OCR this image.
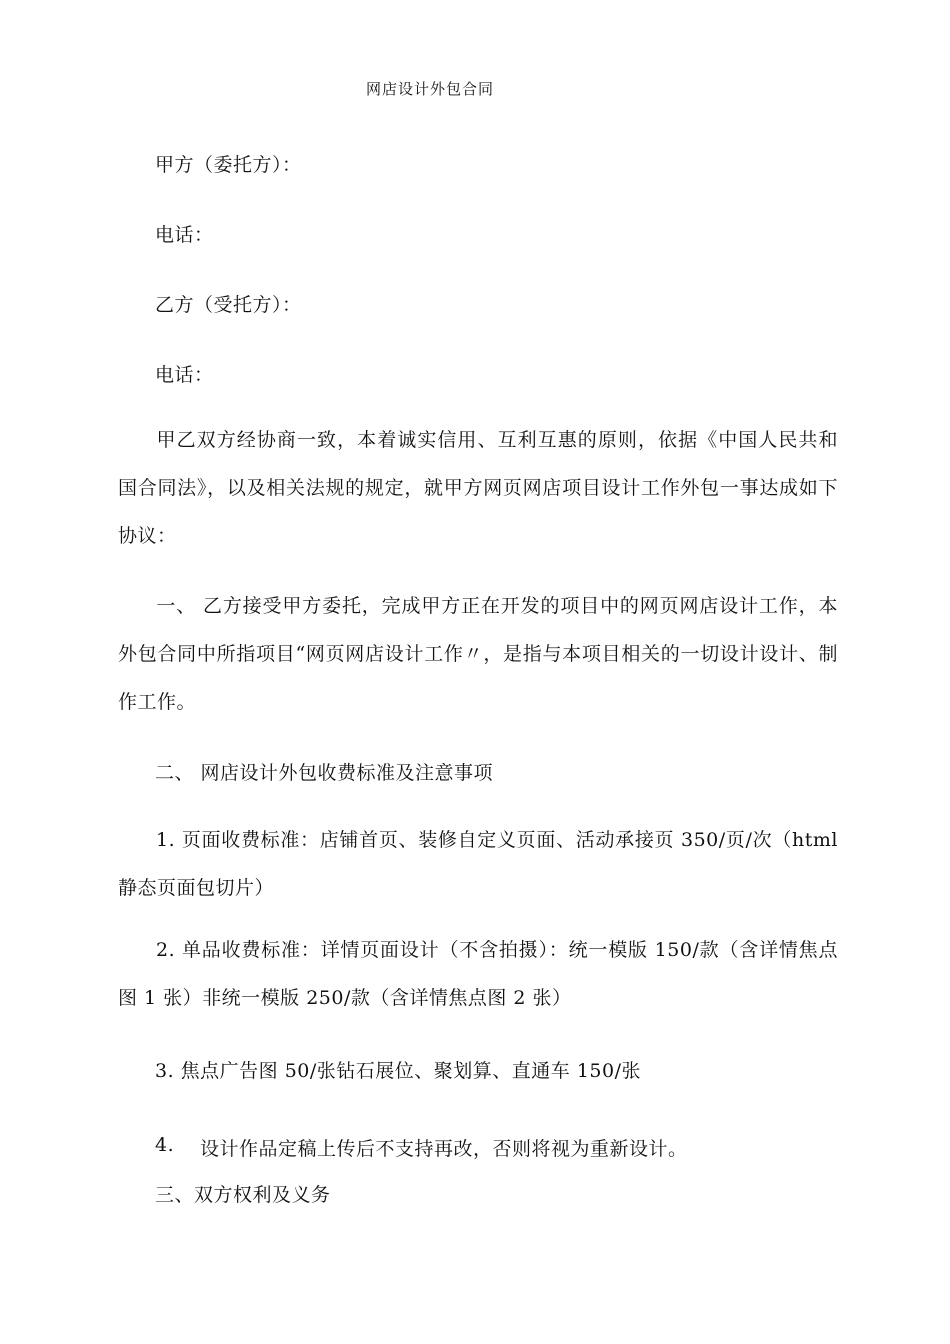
网店设计外包合同
甲方（委托方）：
电话：
乙方（受托方）：
电话：
甲乙双方经协商一致，本着诚实信用、互利互惠的原则，依据《中国人民共和国合同法》，以及相关法规的规定，就甲方网页网店项目设计工作外包一事达成如下协议：
一、 乙方接受甲方委托，完成甲方正在开发的项目中的网页网店设计工作，本外包合同中所指项目“网页网店设计工作〃，是指与本项目相关的一切设计设计、制作工作。
二、 网店设计外包收费标准及注意事项
1. 页面收费标准：店铺首页、装修自定义页面、活动承接页 350/页/次（html 静态页面包切片）
2. 单品收费标准：详情页面设计（不含拍摄）：统一模版 150/款（含详情焦点 图 1 张）非统一模版 250/款（含详情焦点图 2 张）
3. 焦点广告图 50/张钻石展位、聚划算、直通车 150/张
4. 设计作品定稿上传后不支持再改，否则将视为重新设计。
三、双方权利及义务
